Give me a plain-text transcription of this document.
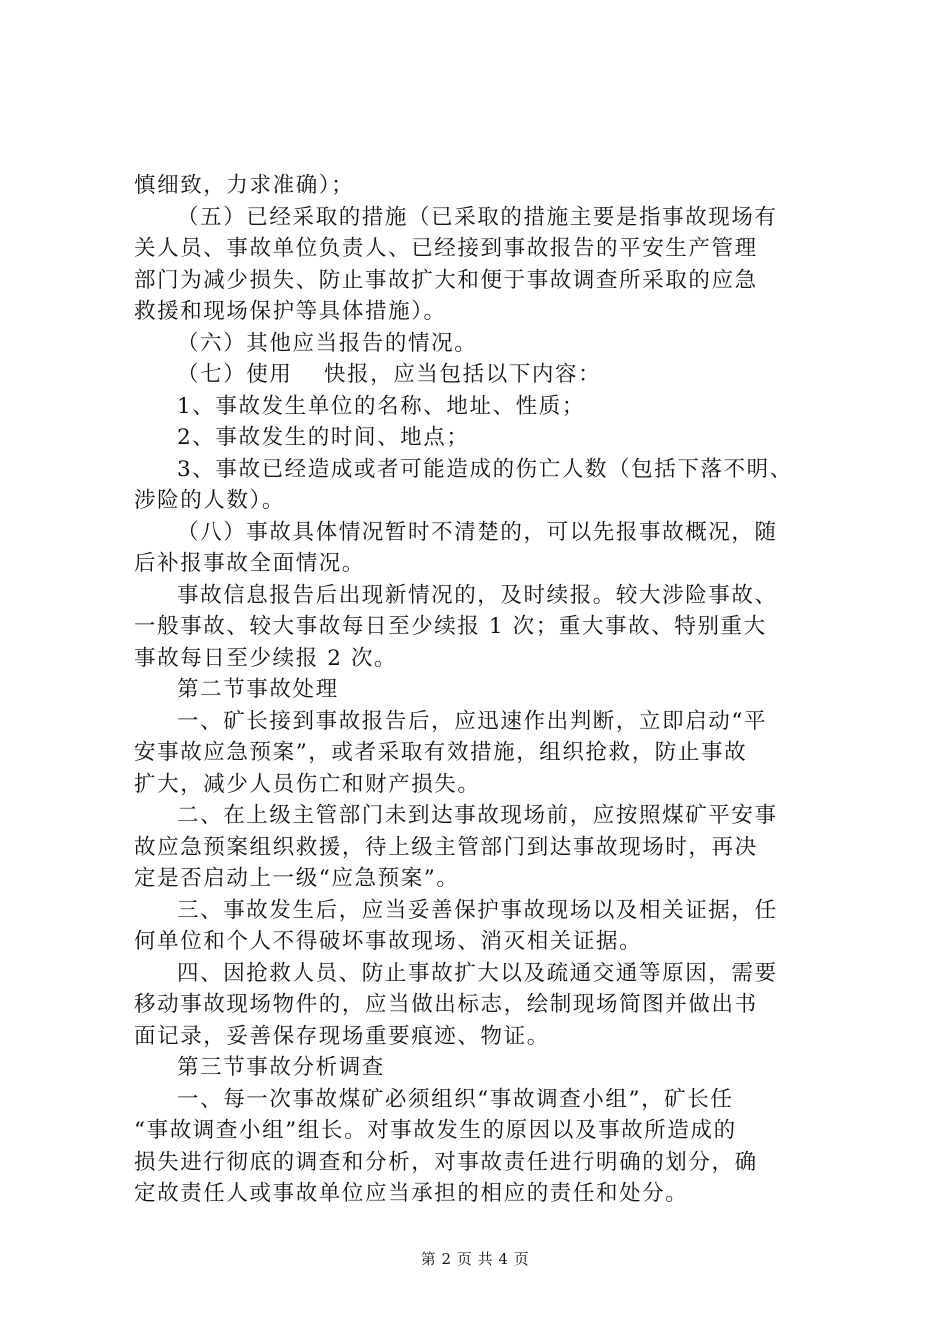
慎细致，力求准确）；
（五）已经采取的措施（已采取的措施主要是指事故现场有
关人员、事故单位负责人、已经接到事故报告的平安生产管理
部门为减少损失、防止事故扩大和便于事故调查所采取的应急
救援和现场保护等具体措施）。
（六）其他应当报告的情况。
（七）使用　 快报，应当包括以下内容：
1、事故发生单位的名称、地址、性质；
2、事故发生的时间、地点；
3、事故已经造成或者可能造成的伤亡人数（包括下落不明、
涉险的人数）。
（八）事故具体情况暂时不清楚的，可以先报事故概况，随
后补报事故全面情况。
事故信息报告后出现新情况的，及时续报。较大涉险事故、
一般事故、较大事故每日至少续报 1 次；重大事故、特别重大
事故每日至少续报 2 次。
第二节事故处理
一、矿长接到事故报告后，应迅速作出判断，立即启动“平
安事故应急预案”，或者采取有效措施，组织抢救，防止事故
扩大，减少人员伤亡和财产损失。
二、在上级主管部门未到达事故现场前，应按照煤矿平安事
故应急预案组织救援，待上级主管部门到达事故现场时，再决
定是否启动上一级“应急预案”。
三、事故发生后，应当妥善保护事故现场以及相关证据，任
何单位和个人不得破坏事故现场、消灭相关证据。
四、因抢救人员、防止事故扩大以及疏通交通等原因，需要
移动事故现场物件的，应当做出标志，绘制现场简图并做出书
面记录，妥善保存现场重要痕迹、物证。
第三节事故分析调查
一、每一次事故煤矿必须组织“事故调查小组”，矿长任
“事故调查小组”组长。对事故发生的原因以及事故所造成的
损失进行彻底的调查和分析，对事故责任进行明确的划分，确
定故责任人或事故单位应当承担的相应的责任和处分。
第 2 页 共 4 页
